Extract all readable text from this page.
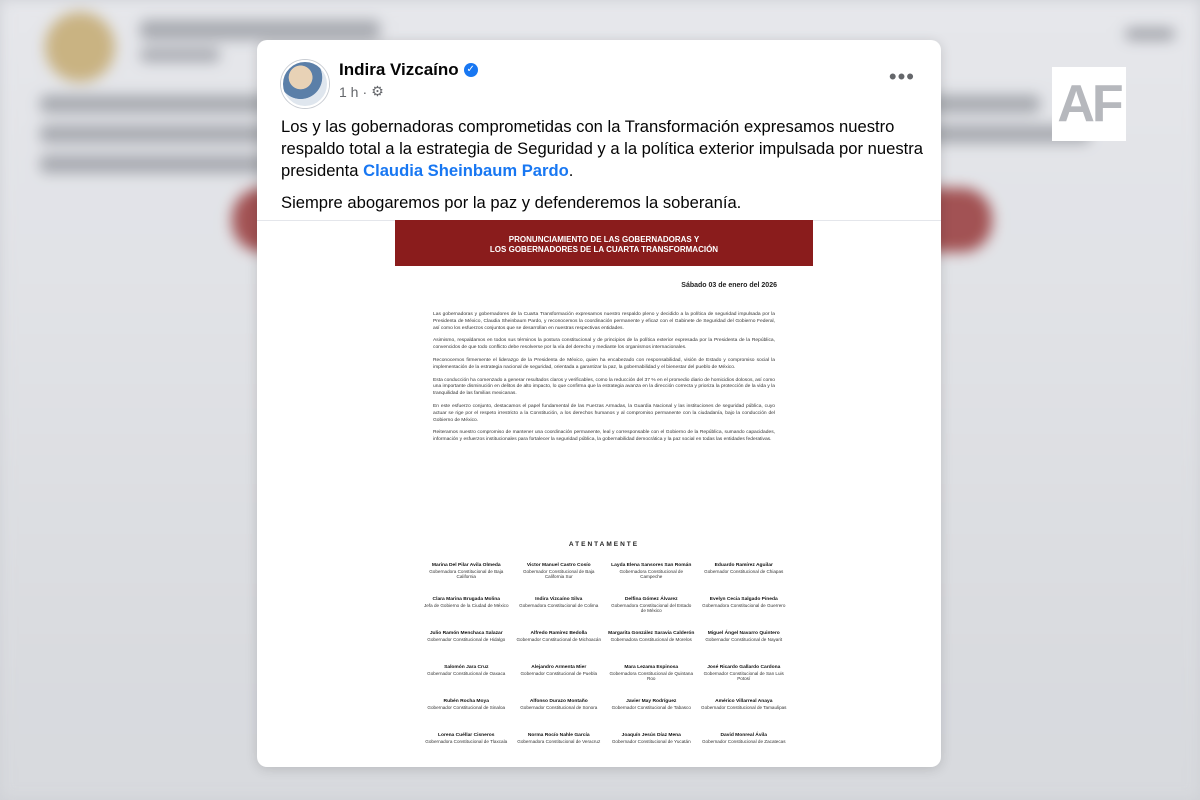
AF
Indira Vizcaíno ✓
1 h · ⚙
•••

Los y las gobernadoras comprometidas con la Transformación expresamos nuestro respaldo total a la estrategia de Seguridad y a la política exterior impulsada por nuestra presidenta Claudia Sheinbaum Pardo.

Siempre abogaremos por la paz y defenderemos la soberanía.

PRONUNCIAMIENTO DE LAS GOBERNADORAS Y
LOS GOBERNADORES DE LA CUARTA TRANSFORMACIÓN
Sábado 03 de enero del 2026

Las gobernadoras y gobernadores de la Cuarta Transformación expresamos nuestro respaldo pleno y decidido a la política de seguridad impulsada por la Presidenta de México, Claudia Sheinbaum Pardo, y reconocemos la coordinación permanente y eficaz con el Gabinete de Seguridad del Gobierno Federal, así como los esfuerzos conjuntos que se desarrollan en nuestras respectivas entidades.

Asimismo, respaldamos en todos sus términos la postura constitucional y de principios de la política exterior expresada por la Presidenta de la República, convencidos de que todo conflicto debe resolverse por la vía del derecho y mediante los organismos internacionales.

Reconocemos firmemente el liderazgo de la Presidenta de México, quien ha encabezado con responsabilidad, visión de Estado y compromiso social la implementación de la estrategia nacional de seguridad, orientada a garantizar la paz, la gobernabilidad y el bienestar del pueblo de México.

Esta conducción ha comenzado a generar resultados claros y verificables, como la reducción del 37 % en el promedio diario de homicidios dolosos, así como una importante disminución en delitos de alto impacto, lo que confirma que la estrategia avanza en la dirección correcta y prioriza la protección de la vida y la tranquilidad de las familias mexicanas.

En este esfuerzo conjunto, destacamos el papel fundamental de las Fuerzas Armadas, la Guardia Nacional y las instituciones de seguridad pública, cuyo actuar se rige por el respeto irrestricto a la Constitución, a los derechos humanos y al compromiso permanente con la ciudadanía, bajo la conducción del Gobierno de México.

Reiteramos nuestro compromiso de mantener una coordinación permanente, leal y corresponsable con el Gobierno de la República, sumando capacidades, información y esfuerzos institucionales para fortalecer la seguridad pública, la gobernabilidad democrática y la paz social en todas las entidades federativas.

ATENTAMENTE
Marina Del Pilar Avila Olmeda
Gobernadora Constitucional de Baja California
Victor Manuel Castro Cosío
Gobernador Constitucional de Baja California Sur
Layda Elena Sansores San Román
Gobernadora Constitucional de Campeche
Eduardo Ramírez Aguilar
Gobernador Constitucional de Chiapas
Clara Marina Brugada Molina
Jefa de Gobierno de la Ciudad de México
Indira Vizcaíno Silva
Gobernadora Constitucional de Colima
Delfina Gómez Álvarez
Gobernadora Constitucional del Estado de México
Evelyn Cecia Salgado Pineda
Gobernadora Constitucional de Guerrero
Julio Ramón Menchaca Salazar
Gobernador Constitucional de Hidalgo
Alfredo Ramírez Bedolla
Gobernador Constitucional de Michoacán
Margarita González Saravia Calderón
Gobernadora Constitucional de Morelos
Miguel Ángel Navarro Quintero
Gobernador Constitucional de Nayarit
Salomón Jara Cruz
Gobernador Constitucional de Oaxaca
Alejandro Armenta Mier
Gobernador Constitucional de Puebla
Mara Lezama Espinosa
Gobernadora Constitucional de Quintana Roo
José Ricardo Gallardo Cardona
Gobernador Constitucional de San Luis Potosí
Rubén Rocha Moya
Gobernador Constitucional de Sinaloa
Alfonso Durazo Montaño
Gobernador Constitucional de Sonora
Javier May Rodríguez
Gobernador Constitucional de Tabasco
Américo Villarreal Anaya
Gobernador Constitucional de Tamaulipas
Lorena Cuéllar Cisneros
Gobernadora Constitucional de Tlaxcala
Norma Rocío Nahle García
Gobernadora Constitucional de Veracruz
Joaquín Jesús Díaz Mena
Gobernador Constitucional de Yucatán
David Monreal Ávila
Gobernador Constitucional de Zacatecas
